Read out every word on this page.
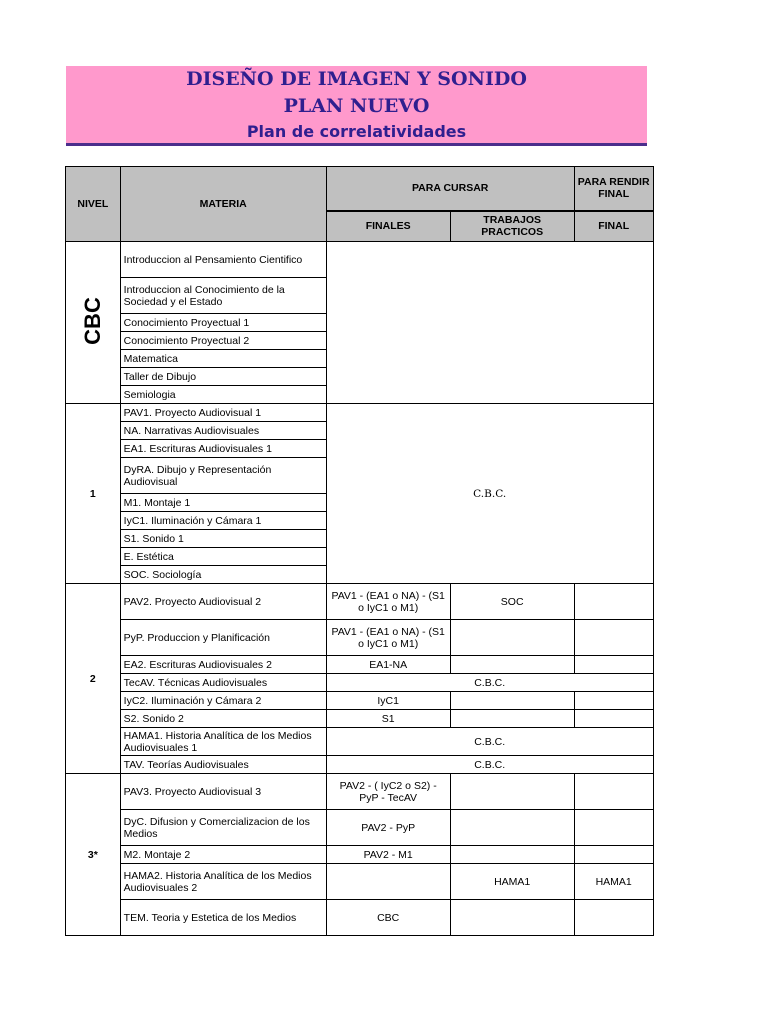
DISEÑO DE IMAGEN Y SONIDO
PLAN NUEVO
Plan de correlatividades
NIVEL	MATERIA	PARA CURSAR		PARA RENDIR FINAL
		FINALES	TRABAJOS PRACTICOS	FINAL
CBC	Introduccion al Pensamiento Cientifico			
	Introduccion al Conocimiento de la Sociedad y el Estado			
	Conocimiento Proyectual 1			
	Conocimiento Proyectual 2			
	Matematica			
	Taller de Dibujo			
	Semiologia			
1	PAV1. Proyecto Audiovisual 1	C.B.C.		
	NA. Narrativas Audiovisuales			
	EA1. Escrituras Audiovisuales 1			
	DyRA. Dibujo y Representación Audiovisual			
	M1. Montaje 1			
	IyC1. Iluminación y Cámara 1			
	S1. Sonido 1			
	E. Estética			
	SOC. Sociología			
2	PAV2. Proyecto Audiovisual 2	PAV1 - (EA1 o NA) - (S1 o IyC1 o M1)	SOC	
	PyP. Produccion y Planificación	PAV1 - (EA1 o NA) - (S1 o IyC1 o M1)		
	EA2. Escrituras Audiovisuales 2	EA1-NA		
	TecAV. Técnicas Audiovisuales	C.B.C.		
	IyC2. Iluminación y Cámara 2	IyC1		
	S2. Sonido 2	S1		
	HAMA1. Historia Analítica de los Medios Audiovisuales 1	C.B.C.		
	TAV. Teorías Audiovisuales	C.B.C.		
3*	PAV3. Proyecto Audiovisual 3	PAV2 - ( IyC2 o S2) - PyP - TecAV		
	DyC. Difusion y Comercializacion de los Medios	PAV2 - PyP		
	M2. Montaje 2	PAV2 - M1		
	HAMA2. Historia Analítica de los Medios Audiovisuales 2		HAMA1	HAMA1
	TEM. Teoria y Estetica de los Medios	CBC		
